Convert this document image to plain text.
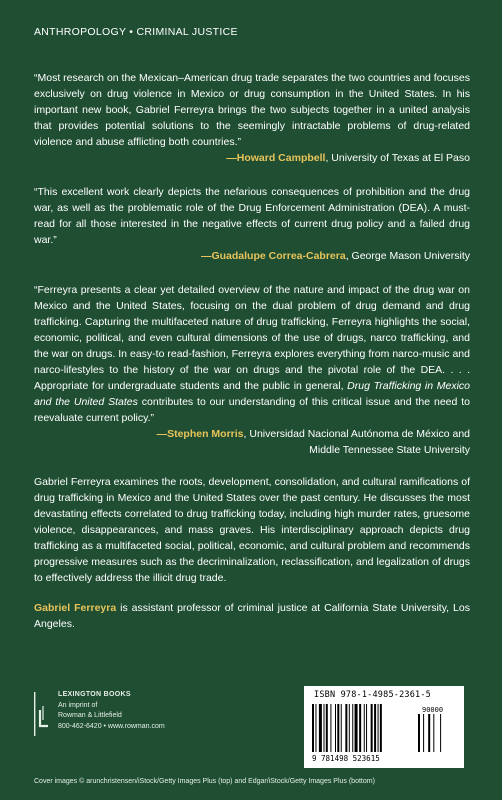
ANTHROPOLOGY • CRIMINAL JUSTICE

“Most research on the Mexican–American drug trade separates the two countries and focuses exclusively on drug violence in Mexico or drug consumption in the United States. In his important new book, Gabriel Ferreyra brings the two subjects together in a united analysis that provides potential solutions to the seemingly intractable problems of drug-related violence and abuse afflicting both countries.”

—Howard Campbell, University of Texas at El Paso

“This excellent work clearly depicts the nefarious consequences of prohibition and the drug war, as well as the problematic role of the Drug Enforcement Administration (DEA). A must-read for all those interested in the negative effects of current drug policy and a failed drug war.”

—Guadalupe Correa-Cabrera, George Mason University

“Ferreyra presents a clear yet detailed overview of the nature and impact of the drug war on Mexico and the United States, focusing on the dual problem of drug demand and drug trafficking. Capturing the multifaceted nature of drug trafficking, Ferreyra highlights the social, economic, political, and even cultural dimensions of the use of drugs, narco trafficking, and the war on drugs. In easy-to read-fashion, Ferreyra explores everything from narco-music and narco-lifestyles to the history of the war on drugs and the pivotal role of the DEA. . . . Appropriate for undergraduate students and the public in general, Drug Trafficking in Mexico and the United States contributes to our understanding of this critical issue and the need to reevaluate current policy.”

—Stephen Morris, Universidad Nacional Autónoma de México and

Middle Tennessee State University

Gabriel Ferreyra examines the roots, development, consolidation, and cultural ramifications of drug trafficking in Mexico and the United States over the past century. He discusses the most devastating effects correlated to drug trafficking today, including high murder rates, gruesome violence, disappearances, and mass graves. His interdisciplinary approach depicts drug trafficking as a multifaceted social, political, economic, and cultural problem and recommends progressive measures such as the decriminalization, reclassification, and legalization of drugs to effectively address the illicit drug trade.

Gabriel Ferreyra is assistant professor of criminal justice at California State University, Los Angeles.

LEXINGTON BOOKS
An imprint of
Rowman & Littlefield
800-462-6420 • www.rowman.com
ISBN 978-1-4985-2361-5
90000
9 781498 523615
Cover images © arunchristensen/iStock/Getty Images Plus (top) and Edgar/iStock/Getty Images Plus (bottom)
